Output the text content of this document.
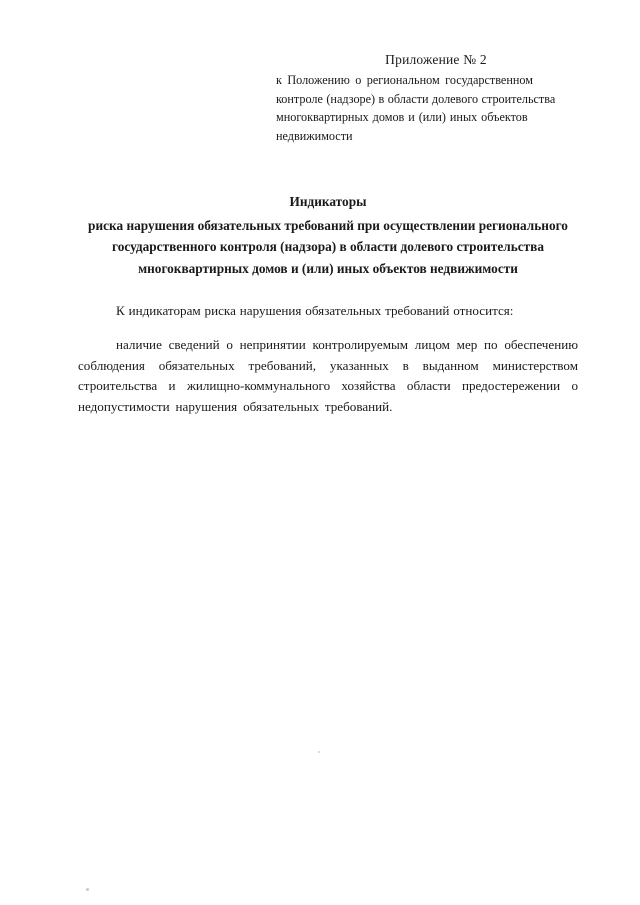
Приложение № 2
к Положению о региональном государственном
контроле (надзоре) в области долевого строительства
многоквартирных домов и (или) иных объектов
недвижимости
Индикаторы
риска нарушения обязательных требований при осуществлении регионального государственного контроля (надзора) в области долевого строительства многоквартирных домов и (или) иных объектов недвижимости

К индикаторам риска нарушения обязательных требований относится:

наличие сведений о непринятии контролируемым лицом мер по обеспечению соблюдения обязательных требований, указанных в выданном министерством строительства и жилищно-коммунального хозяйства области предостережении о недопустимости нарушения обязательных требований.
